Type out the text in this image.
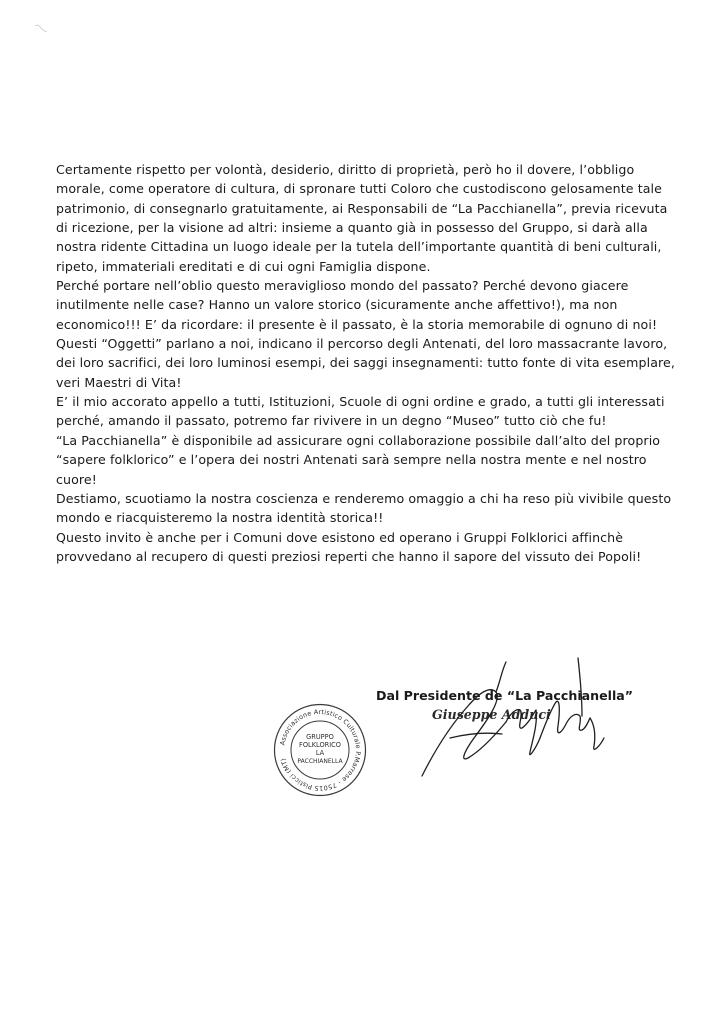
Certamente rispetto per volontà, desiderio, diritto di proprietà, però ho il dovere, l’obbligo morale, come operatore di cultura, di spronare tutti Coloro che custodiscono gelosamente tale patrimonio, di consegnarlo gratuitamente, ai Responsabili de “La Pacchianella”, previa ricevuta di ricezione, per la visione ad altri: insieme a quanto già in possesso del Gruppo, si darà alla nostra ridente Cittadina un luogo ideale per la tutela dell’importante quantità di beni culturali, ripeto, immateriali ereditati e di cui ogni Famiglia dispone.

Perché portare nell’oblio questo meraviglioso mondo del passato? Perché devono giacere inutilmente nelle case? Hanno un valore storico (sicuramente anche affettivo!), ma non economico!!! E’ da ricordare: il presente è il passato, è la storia memorabile di ognuno di noi! Questi “Oggetti” parlano a noi, indicano il percorso degli Antenati, del loro massacrante lavoro, dei loro sacrifici, dei loro luminosi esempi, dei saggi insegnamenti: tutto fonte di vita esemplare, veri Maestri di Vita!

E’ il mio accorato appello a tutti, Istituzioni, Scuole di ogni ordine e grado, a tutti gli interessati perché, amando il passato, potremo far rivivere in un degno “Museo” tutto ciò che fu!

“La Pacchianella” è disponibile ad assicurare ogni collaborazione possibile dall’alto del proprio “sapere folklorico” e l’opera dei nostri Antenati sarà sempre nella nostra mente e nel nostro cuore!

Destiamo, scuotiamo la nostra coscienza e renderemo omaggio a chi ha reso più vivibile questo mondo e riacquisteremo la nostra identità storica!!

Questo invito è anche per i Comuni dove esistono ed operano i Gruppi Folklorici affinchè provvedano al recupero di questi preziosi reperti che hanno il sapore del vissuto dei Popoli!

Dal Presidente de “La Pacchianella”
Giuseppe Adduci
Associazione Artistico Culturale P.Marrese - 75015 Pisticci (MT)
GRUPPO
FOLKLORICO
LA
PACCHIANELLA
